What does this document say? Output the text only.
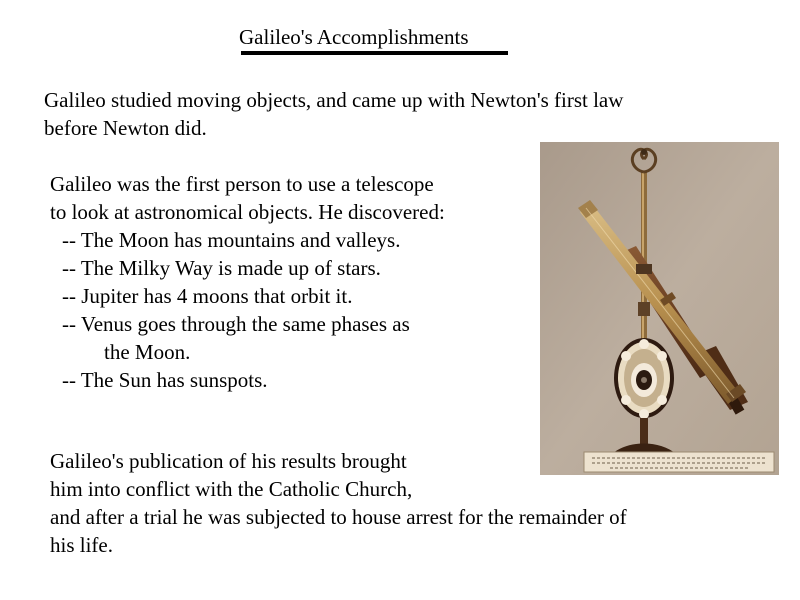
Galileo's Accomplishments
Galileo studied moving objects, and came up with Newton's first law
before Newton did.
Galileo was the first person to use a telescope
to look at astronomical objects. He discovered:
-- The Moon has mountains and valleys.
-- The Milky Way is made up of stars.
-- Jupiter has 4 moons that orbit it.
-- Venus goes through the same phases as
the Moon.
-- The Sun has sunspots.
Galileo's publication of his results brought
him into conflict with the Catholic Church,
and after a trial he was subjected to house arrest for the remainder of
his life.
